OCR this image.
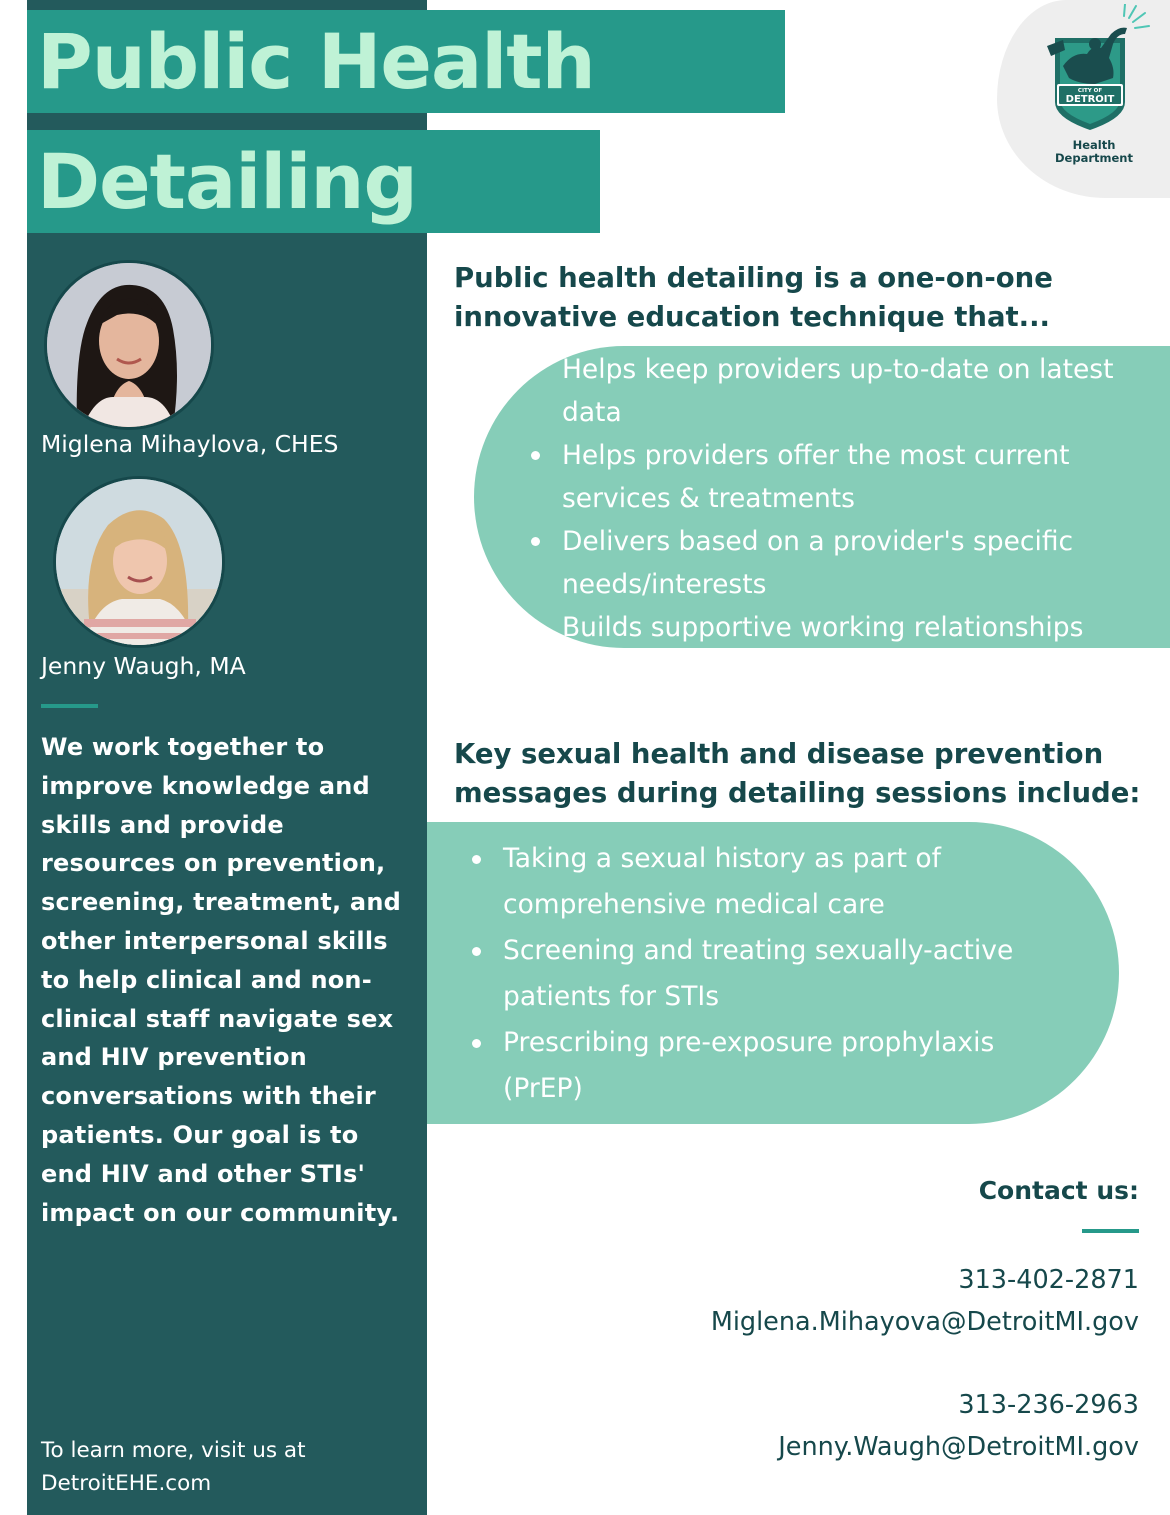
Public Health
Detailing
CITY OF
DETROIT
Health Department
Miglena Mihaylova, CHES
Jenny Waugh, MA

We work together to improve knowledge and skills and provide resources on prevention, screening, treatment, and other interpersonal skills to help clinical and non-clinical staff navigate sex and HIV prevention conversations with their patients. Our goal is to end HIV and other STIs' impact on our community.

To learn more, visit us at
DetroitEHE.com
Public health detailing is a one-on-one
innovative education technique that...
Helps keep providers up-to-date on latest data
Helps providers offer the most current services & treatments
Delivers based on a provider's specific needs/interests
Builds supportive working relationships
Key sexual health and disease prevention
messages during detailing sessions include:
Taking a sexual history as part of comprehensive medical care
Screening and treating sexually-active patients for STIs
Prescribing pre-exposure prophylaxis (PrEP)
Contact us:
313-402-2871
Miglena.Mihayova@DetroitMI.gov
313-236-2963
Jenny.Waugh@DetroitMI.gov
